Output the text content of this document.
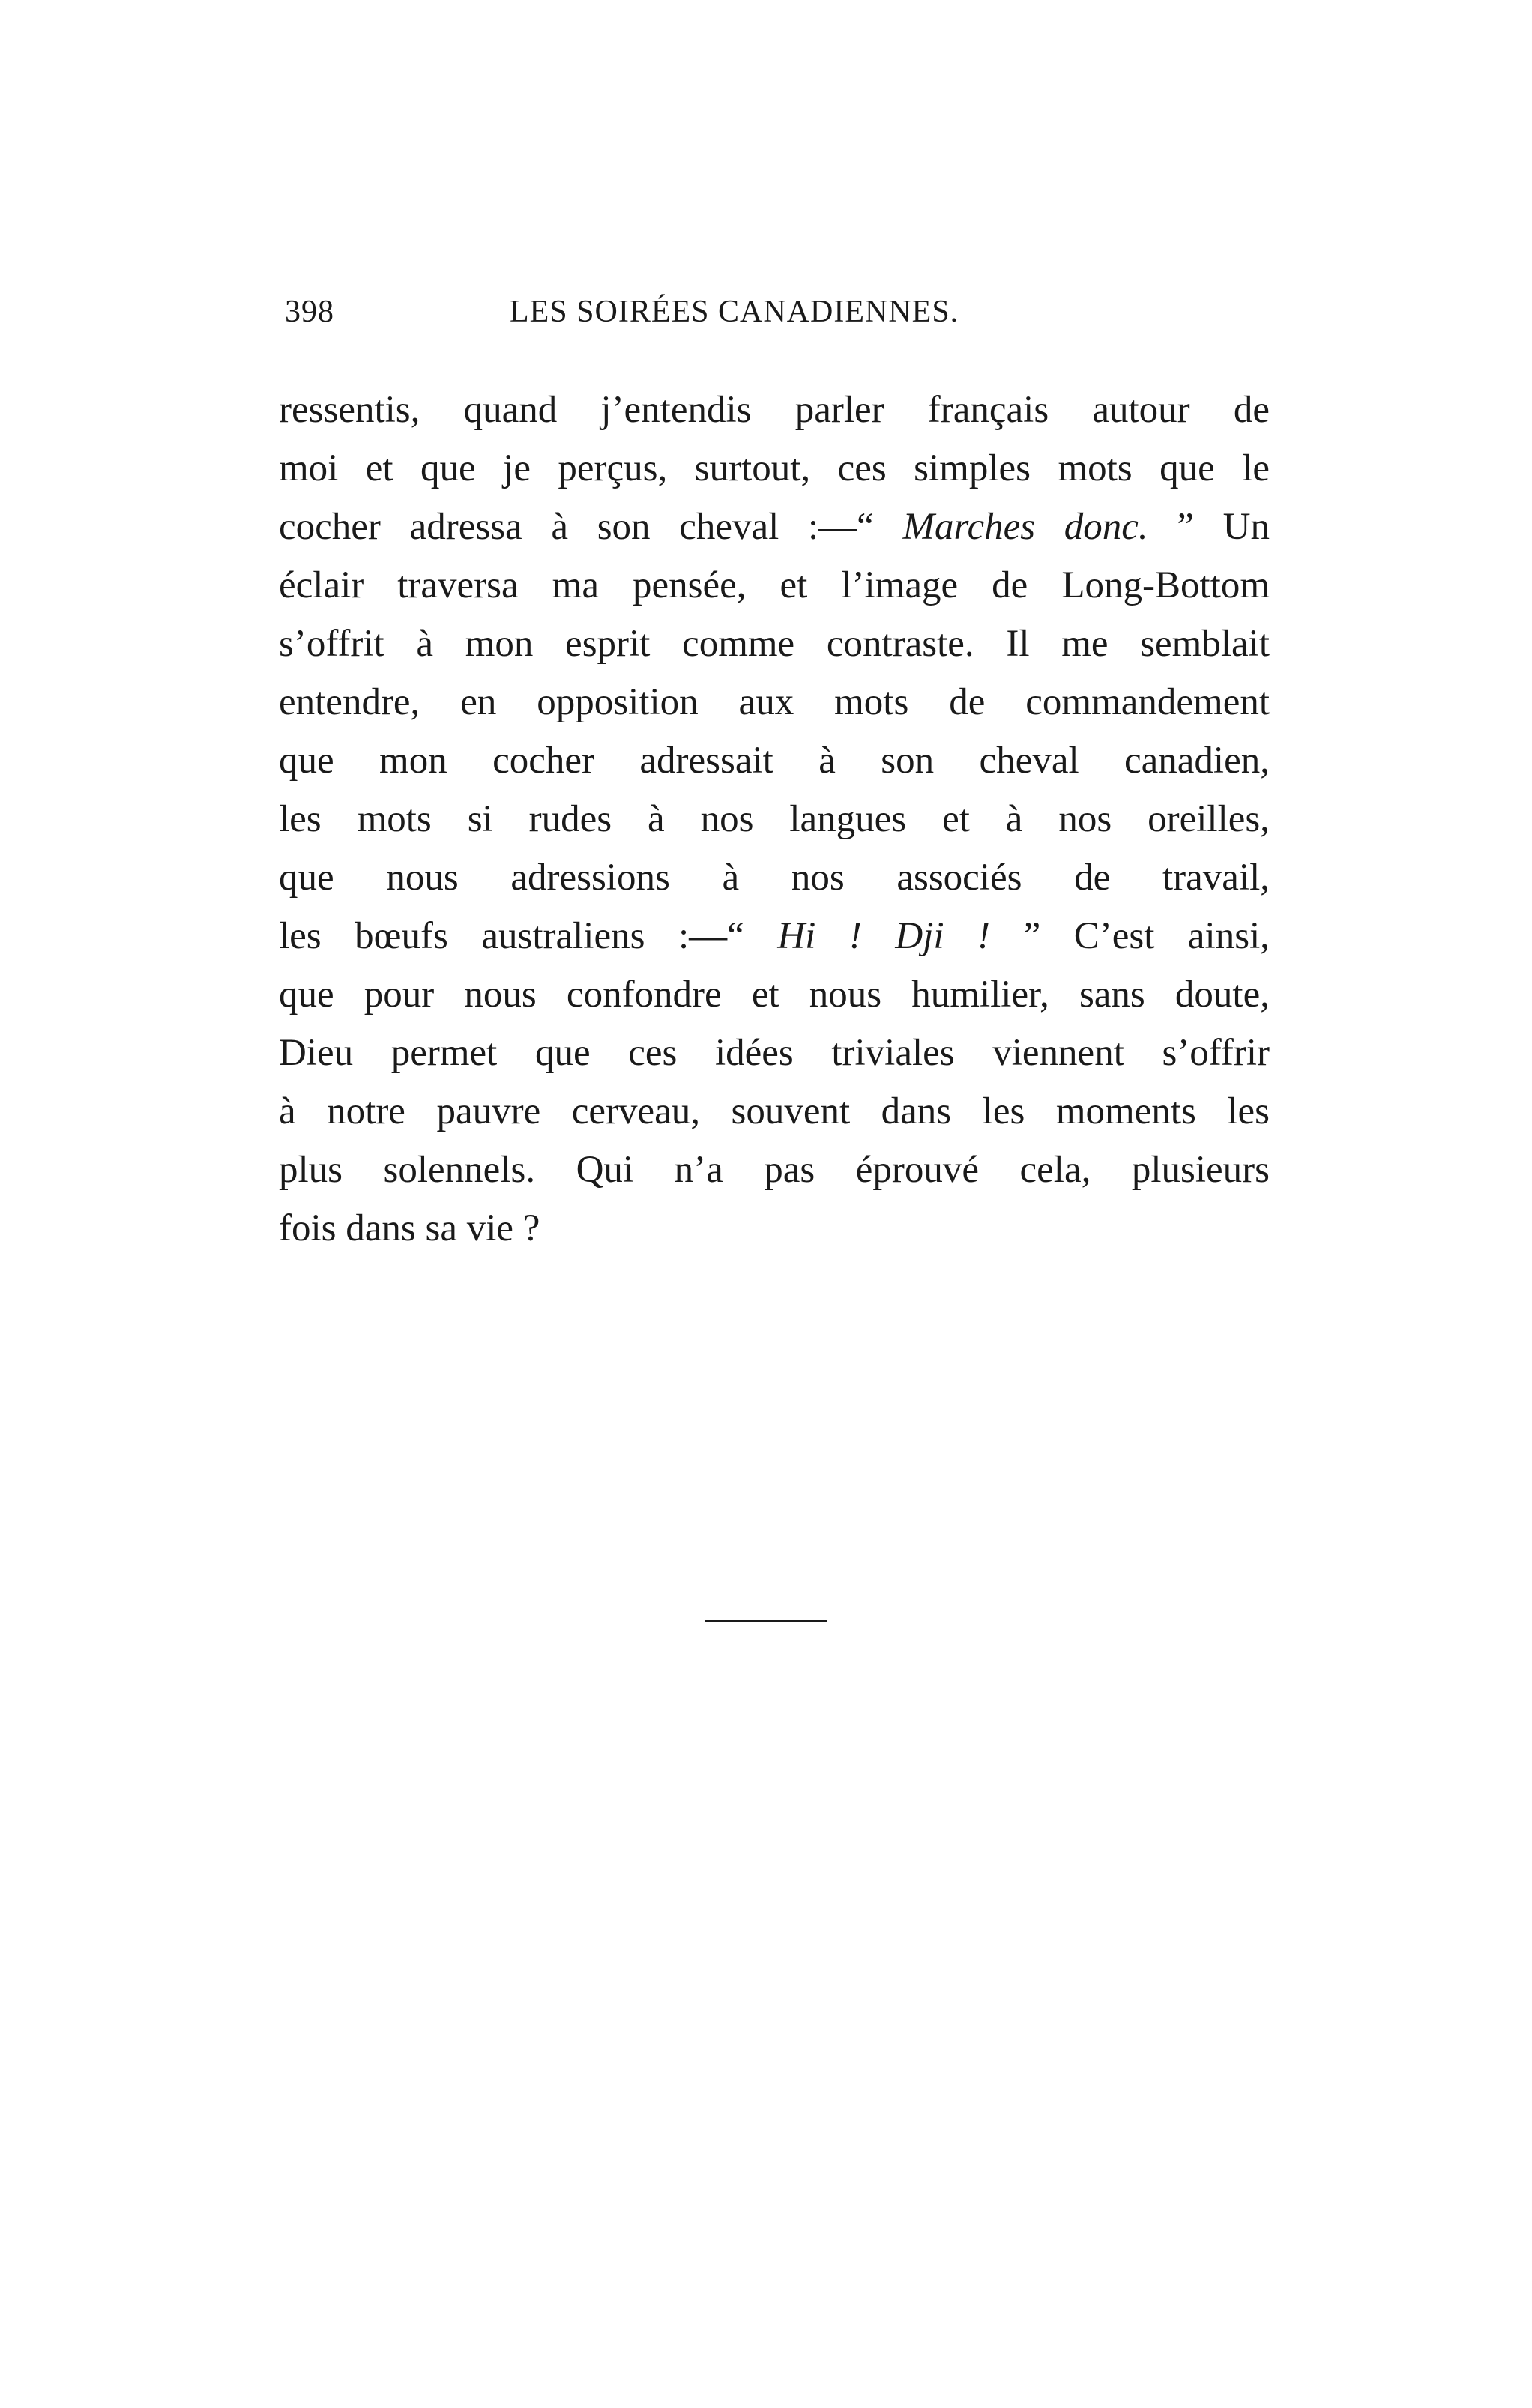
398	LES SOIRÉES CANADIENNES.
ressentis, quand j’entendis parler français autour de
moi et que je perçus, surtout, ces simples mots que le
cocher adressa à son cheval :—“ Marches donc. ” Un
éclair traversa ma pensée, et l’image de Long-Bottom
s’offrit à mon esprit comme contraste. Il me semblait
entendre, en opposition aux mots de commandement
que mon cocher adressait à son cheval canadien,
les mots si rudes à nos langues et à nos oreilles,
que nous adressions à nos associés de travail,
les bœufs australiens :—“ Hi ! Dji ! ” C’est ainsi,
que pour nous confondre et nous humilier, sans doute,
Dieu permet que ces idées triviales viennent s’offrir
à notre pauvre cerveau, souvent dans les moments les
plus solennels. Qui n’a pas éprouvé cela, plusieurs
fois dans sa vie ?
